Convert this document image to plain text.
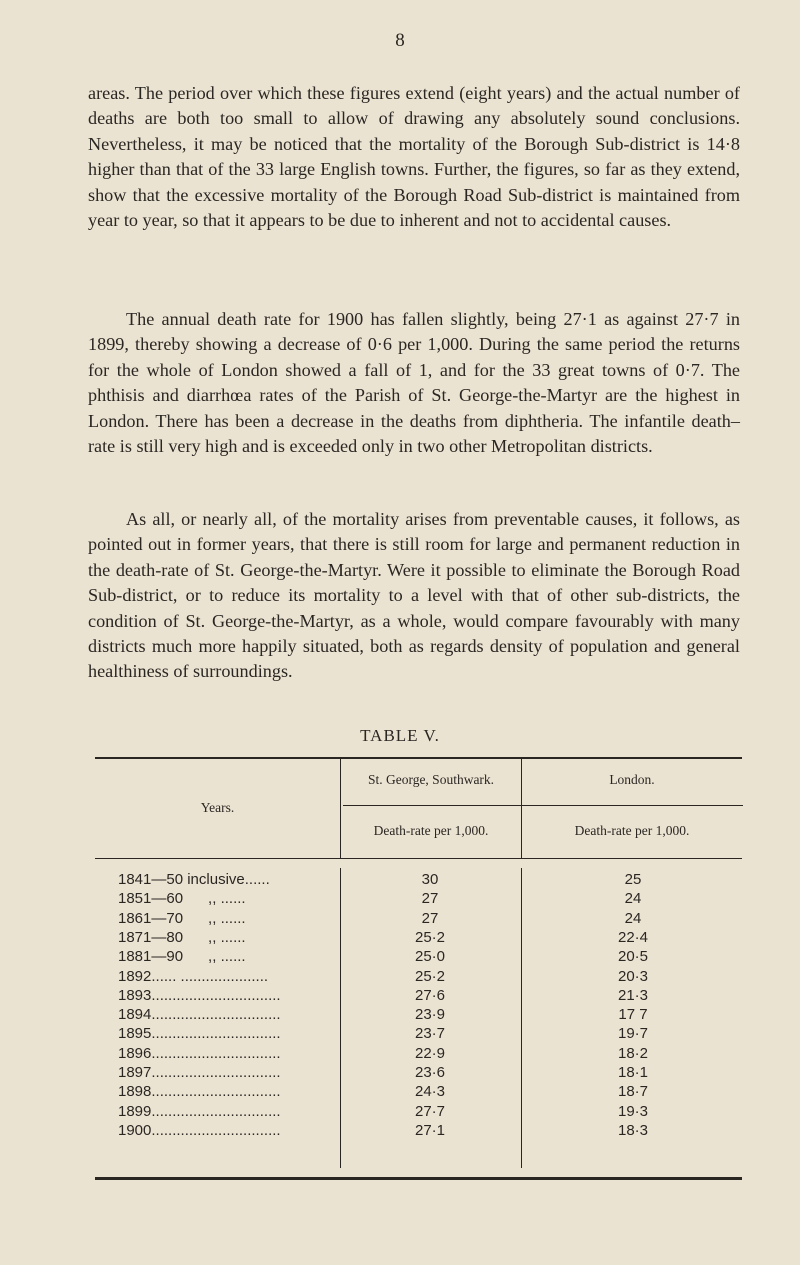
8

areas. The period over which these figures extend (eight years) and the actual number of deaths are both too small to allow of drawing any absolutely sound conclusions. Nevertheless, it may be noticed that the mortality of the Borough Sub-district is 14·8 higher than that of the 33 large English towns. Further, the figures, so far as they extend, show that the excessive mortality of the Borough Road Sub-district is maintained from year to year, so that it appears to be due to inherent and not to accidental causes.

The annual death rate for 1900 has fallen slightly, being 27·1 as against 27·7 in 1899, thereby showing a decrease of 0·6 per 1,000. During the same period the returns for the whole of London showed a fall of 1, and for the 33 great towns of 0·7. The phthisis and diarrhœa rates of the Parish of St. George-the-Martyr are the highest in London. There has been a decrease in the deaths from diphtheria. The infantile death–rate is still very high and is exceeded only in two other Metropolitan districts.

As all, or nearly all, of the mortality arises from preventable causes, it follows, as pointed out in former years, that there is still room for large and permanent reduction in the death-rate of St. George-the-Martyr. Were it possible to eliminate the Borough Road Sub-district, or to reduce its mortality to a level with that of other sub-districts, the condition of St. George-the-Martyr, as a whole, would compare favourably with many districts much more happily situated, both as regards density of population and general healthiness of surroundings.

TABLE V.
Years.
St. George, Southwark.	London.
Death-rate per 1,000.	Death-rate per 1,000.
1841—50 inclusive......	30	25
1851—60      ,, ......	27	24
1861—70      ,, ......	27	24
1871—80      ,, ......	25·2	22·4
1881—90      ,, ......	25·0	20·5
1892...... .....................	25·2	20·3
1893...............................	27·6	21·3
1894...............................	23·9	17 7
1895...............................	23·7	19·7
1896...............................	22·9	18·2
1897...............................	23·6	18·1
1898...............................	24·3	18·7
1899...............................	27·7	19·3
1900...............................	27·1	18·3
